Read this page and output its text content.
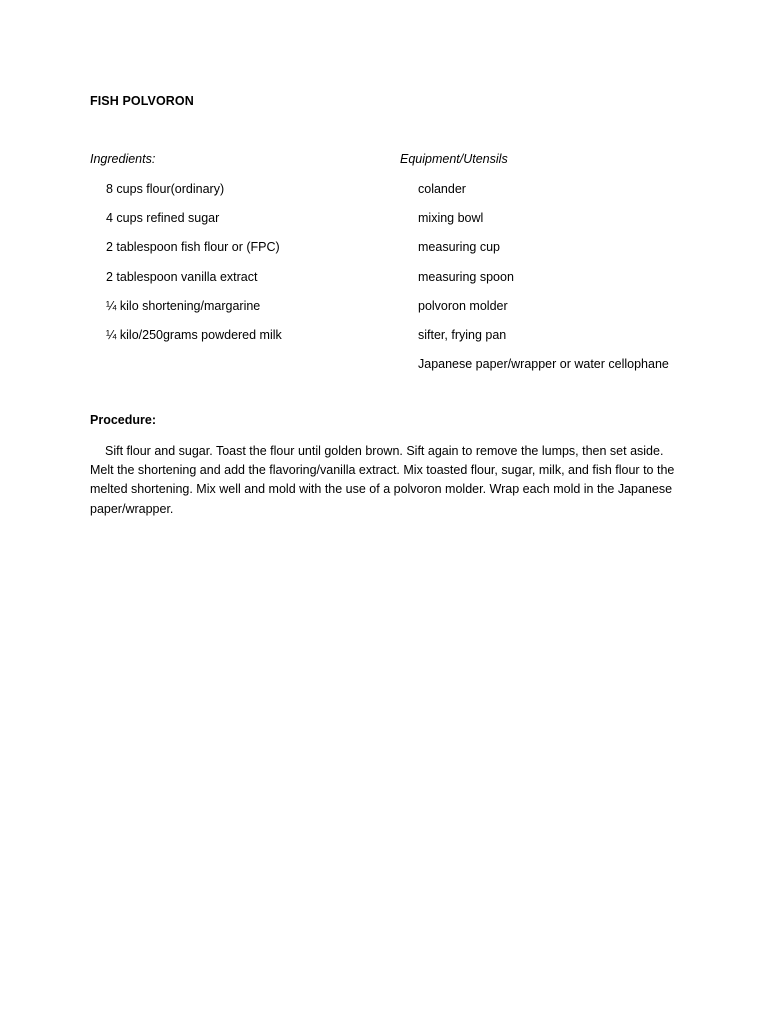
FISH POLVORON
Ingredients:	Equipment/Utensils
8 cups flour(ordinary)
4 cups refined sugar
2 tablespoon fish flour or (FPC)
2 tablespoon vanilla extract
¼ kilo shortening/margarine
¼ kilo/250grams powdered milk
colander
mixing bowl
measuring cup
measuring spoon
polvoron molder
sifter, frying pan
Japanese paper/wrapper or water cellophane
Procedure:

Sift flour and sugar. Toast the flour until golden brown. Sift again to remove the lumps, then set aside. Melt the shortening and add the flavoring/vanilla extract. Mix toasted flour, sugar, milk, and fish flour to the melted shortening. Mix well and mold with the use of a polvoron molder. Wrap each mold in the Japanese paper/wrapper.
